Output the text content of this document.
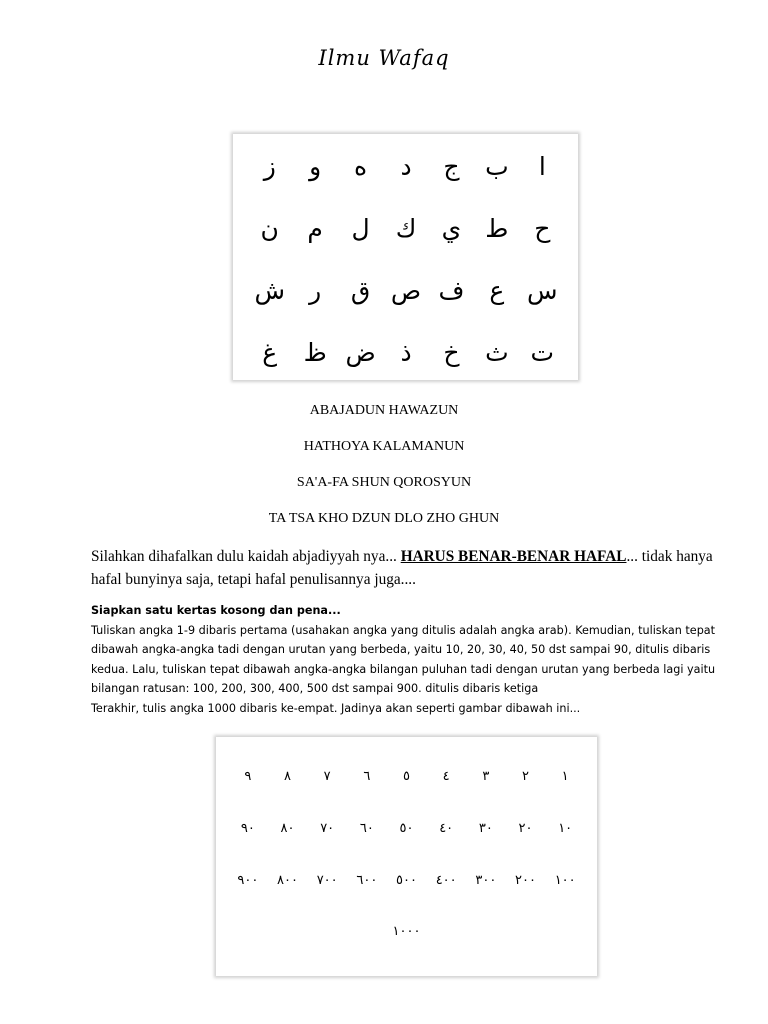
Ilmu Wafaq
ا
ب
ج
د
ه
و
ز
ح
ط
ي
ك
ل
م
ن
س
ع
ف
ص
ق
ر
ش
ت
ث
خ
ذ
ض
ظ
غ
ABAJADUN HAWAZUN
HATHOYA KALAMANUN
SA'A-FA SHUN QOROSYUN
TA TSA KHO DZUN DLO ZHO GHUN
Silahkan dihafalkan dulu kaidah abjadiyyah nya... HARUS BENAR-BENAR HAFAL... tidak hanya hafal bunyinya saja, tetapi hafal penulisannya juga....
Siapkan satu kertas kosong dan pena...
Tuliskan angka 1-9 dibaris pertama (usahakan angka yang ditulis adalah angka arab). Kemudian, tuliskan tepat dibawah angka-angka tadi dengan urutan yang berbeda, yaitu 10, 20, 30, 40, 50 dst sampai 90, ditulis dibaris kedua. Lalu, tuliskan tepat dibawah angka-angka bilangan puluhan tadi dengan urutan yang berbeda lagi yaitu bilangan ratusan: 100, 200, 300, 400, 500 dst sampai 900. ditulis dibaris ketiga
Terakhir, tulis angka 1000 dibaris ke-empat. Jadinya akan seperti gambar dibawah ini...
١
٢
٣
٤
٥
٦
٧
٨
٩
١٠
٢٠
٣٠
٤٠
٥٠
٦٠
٧٠
٨٠
٩٠
١٠٠
٢٠٠
٣٠٠
٤٠٠
٥٠٠
٦٠٠
٧٠٠
٨٠٠
٩٠٠
١٠٠٠
